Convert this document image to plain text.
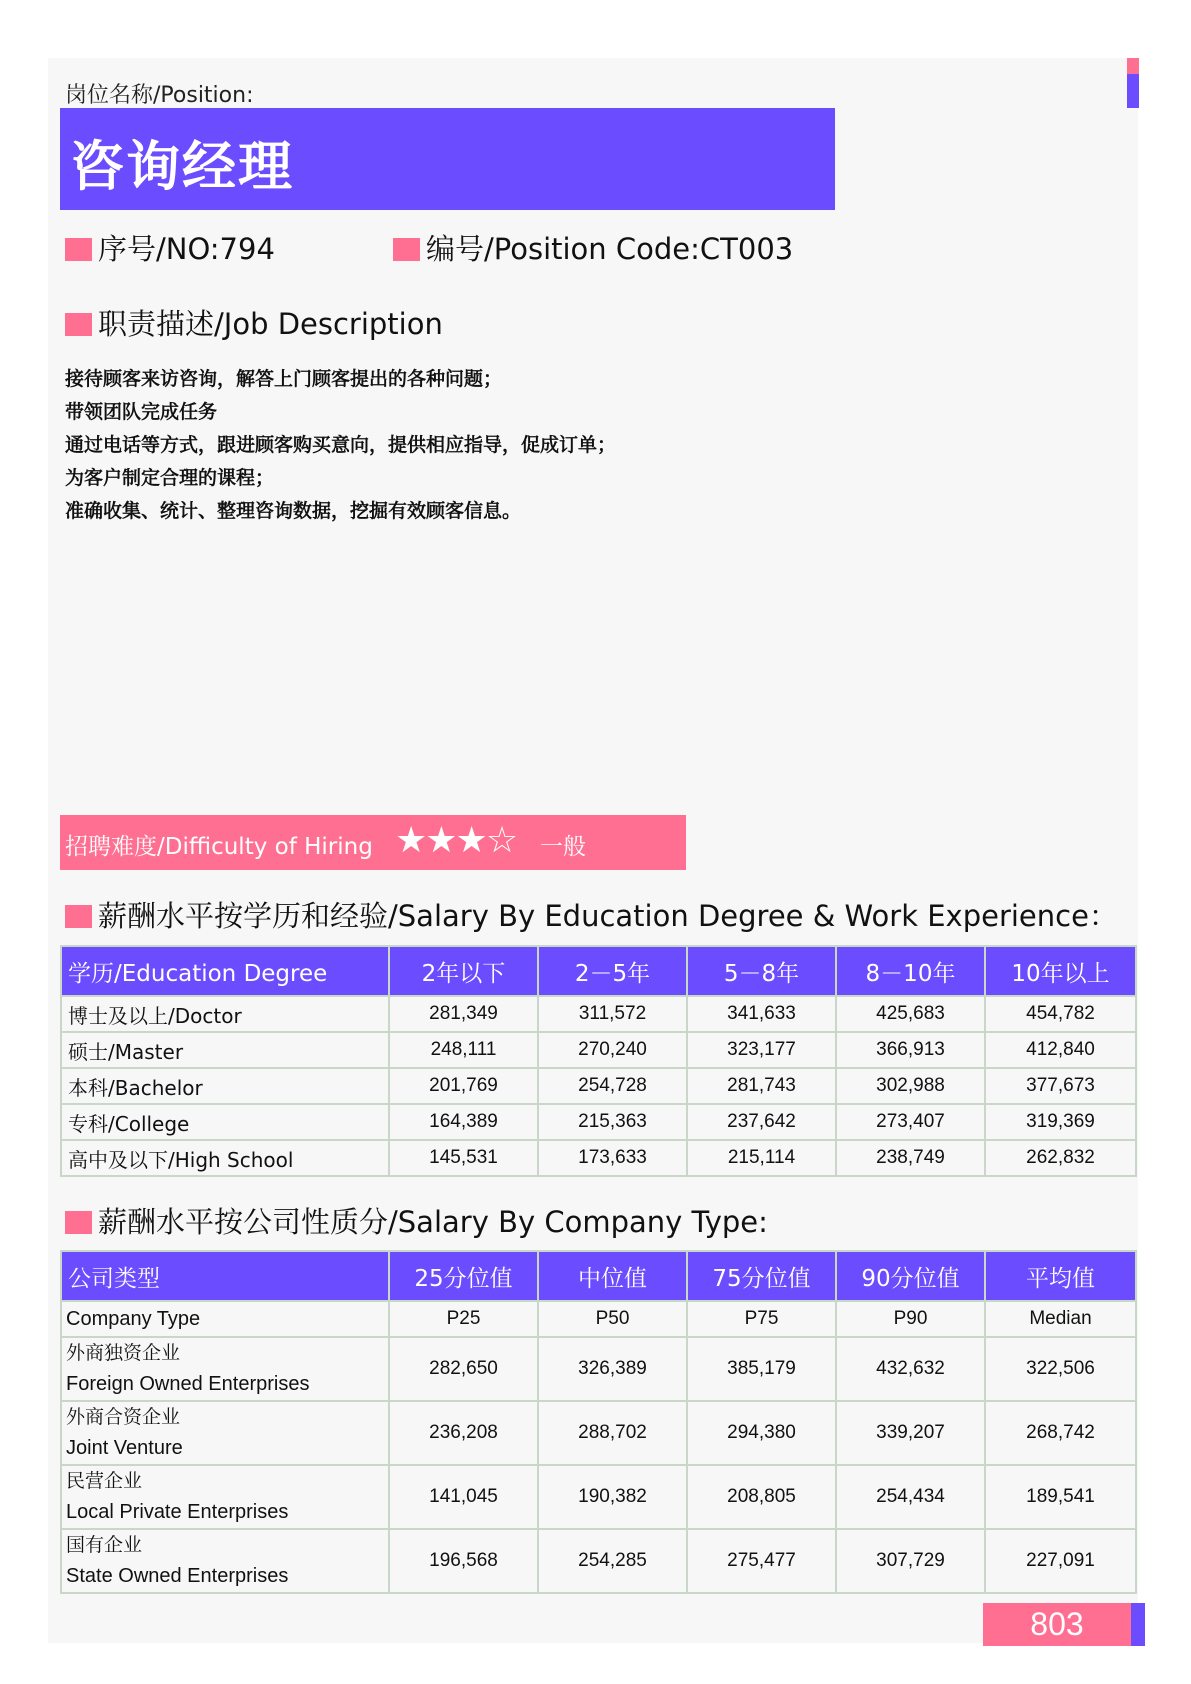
岗位名称/Position:
咨询经理
序号/NO:794	编号/Position Code:CT003
职责描述/Job Description
接待顾客来访咨询，解答上门顾客提出的各种问题；
带领团队完成任务
通过电话等方式，跟进顾客购买意向，提供相应指导，促成订单；
为客户制定合理的课程；
准确收集、统计、整理咨询数据，挖掘有效顾客信息。
招聘难度/Difficulty of Hiring ★★★☆ 一般
薪酬水平按学历和经验/Salary By Education Degree & Work Experience：
学历/Education Degree	2年以下	2－5年	5－8年	8－10年	10年以上
博士及以上/Doctor	281,349	311,572	341,633	425,683	454,782
硕士/Master	248,111	270,240	323,177	366,913	412,840
本科/Bachelor	201,769	254,728	281,743	302,988	377,673
专科/College	164,389	215,363	237,642	273,407	319,369
高中及以下/High School	145,531	173,633	215,114	238,749	262,832
薪酬水平按公司性质分/Salary By Company Type:
公司类型	25分位值	中位值	75分位值	90分位值	平均值
Company Type	P25	P50	P75	P90	Median

外商独资企业
Foreign Owned Enterprises	282,650	326,389	385,179	432,632	322,506

外商合资企业
Joint Venture	236,208	288,702	294,380	339,207	268,742

民营企业
Local Private Enterprises	141,045	190,382	208,805	254,434	189,541

国有企业
State Owned Enterprises	196,568	254,285	275,477	307,729	227,091
803
